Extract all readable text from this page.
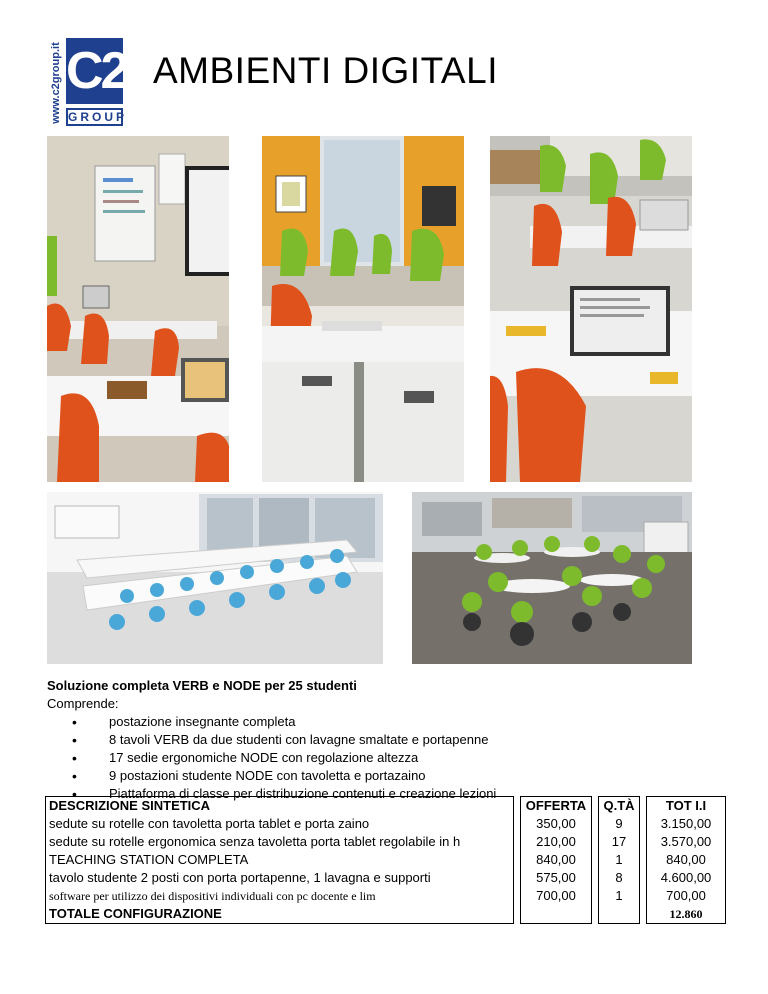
www.c2group.it C2
GROUP
AMBIENTI DIGITALI
Soluzione completa VERB e NODE per 25 studenti
Comprende:
• postazione insegnante completa
• 8 tavoli VERB da due studenti con lavagne smaltate e portapenne
• 17 sedie ergonomiche NODE con regolazione altezza
• 9 postazioni studente NODE con tavoletta e portazaino
• Piattaforma di classe per distribuzione contenuti e creazione lezioni
DESCRIZIONE SINTETICA		OFFERTA		Q.TÀ		TOT I.I
sedute su rotelle con tavoletta porta tablet e porta zaino		350,00		9		3.150,00
sedute su rotelle ergonomica senza tavoletta porta tablet regolabile in h		210,00		17		3.570,00
TEACHING STATION COMPLETA		840,00		1		840,00
tavolo studente 2 posti con porta portapenne, 1 lavagna e supporti		575,00		8		4.600,00
software per utilizzo dei dispositivi individuali con pc docente e lim		700,00		1		700,00
TOTALE CONFIGURAZIONE						12.860
